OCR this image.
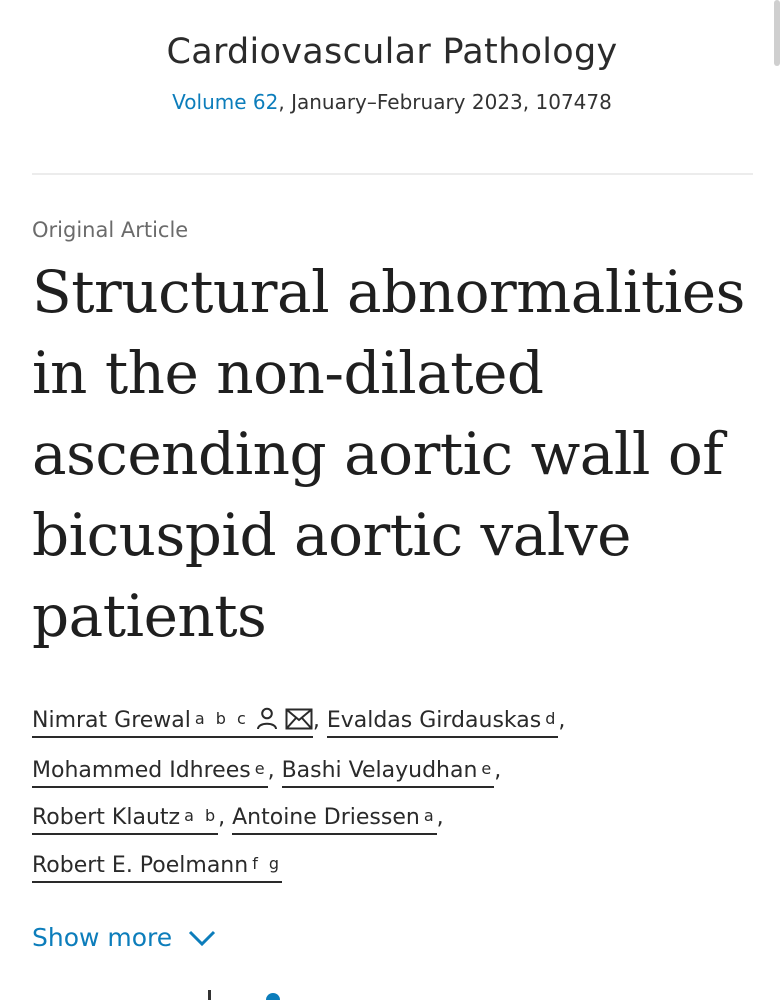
Cardiovascular Pathology
Volume 62, January–February 2023, 107478
Original Article
Structural abnormalities in the non-dilated ascending aortic wall of bicuspid aortic valve patients
Nimrat Grewal $^{a b c}$	, Evaldas Girdauskas $^d$,
Mohammed Idhrees $^e$, Bashi Velayudhan $^e$,
Robert Klautz $^{a b}$, Antoine Driessen $^a$,
Robert E. Poelmann $^{f g}$
Show more
